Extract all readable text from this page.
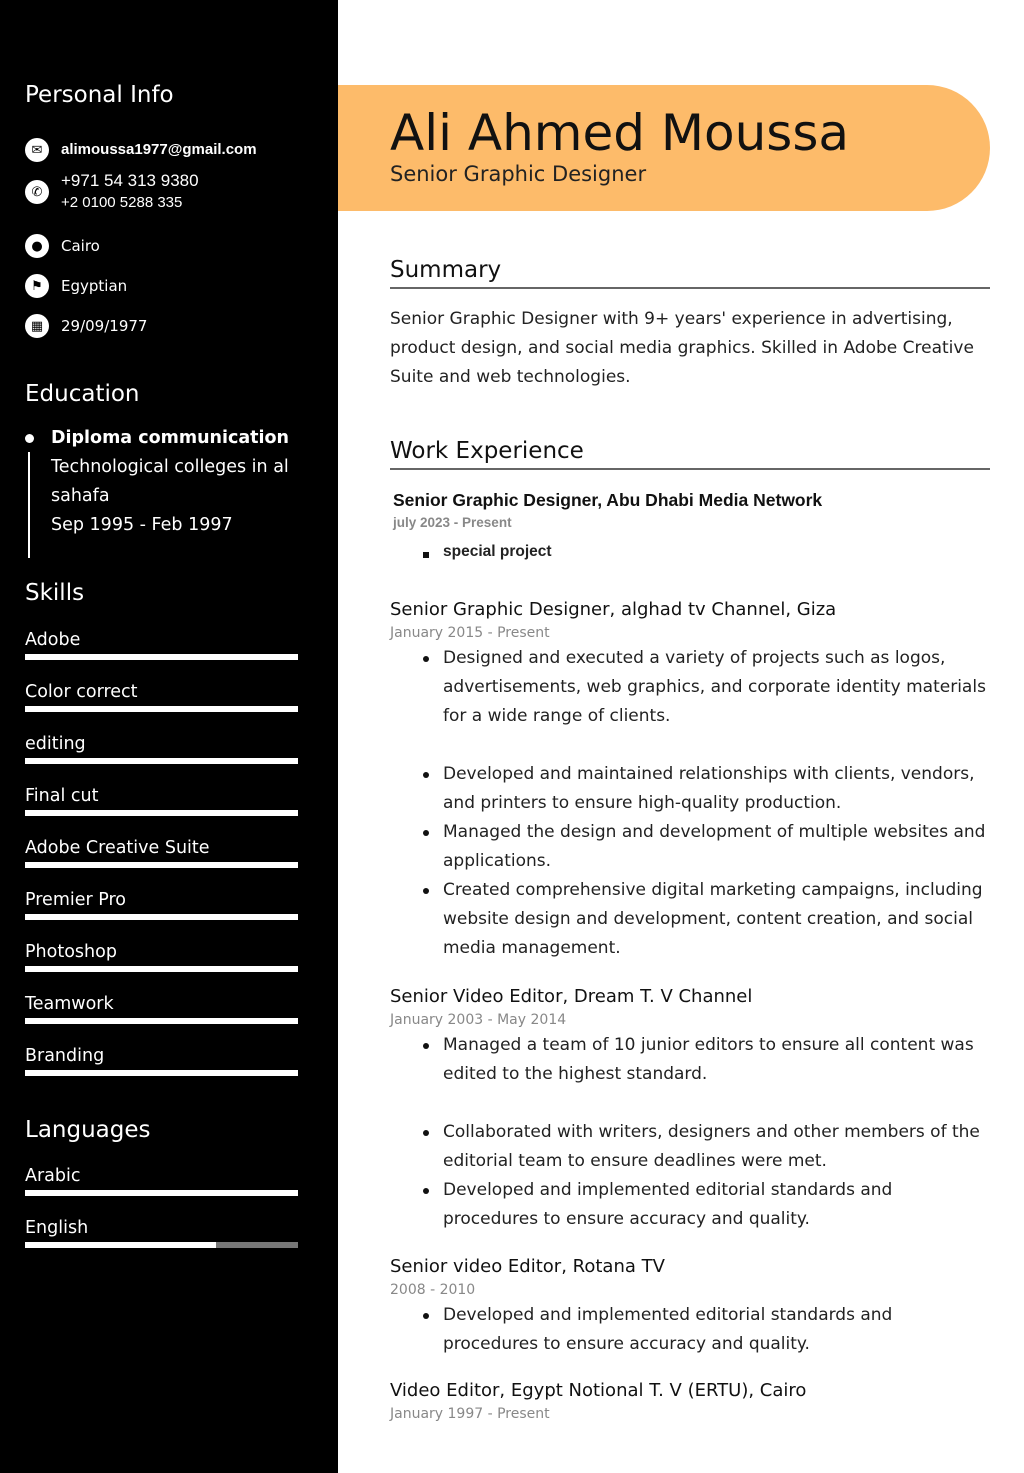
Personal Info
✉	alimoussa1977@gmail.com
✆
+971 54 313 9380
+2 0100 5288 335
●	Cairo
⚑	Egyptian
▦	29/09/1977
Education
Diploma communication
Technological colleges in al sahafa
Sep 1995 - Feb 1997
Skills
Adobe
Color correct
editing
Final cut
Adobe Creative Suite
Premier Pro
Photoshop
Teamwork
Branding
Languages
Arabic
English
Ali Ahmed Moussa
Senior Graphic Designer
Summary

Senior Graphic Designer with 9+ years' experience in advertising, product design, and social media graphics. Skilled in Adobe Creative Suite and web technologies.

Work Experience
Senior Graphic Designer, Abu Dhabi Media Network
july 2023 - Present
special project
Senior Graphic Designer, alghad tv Channel, Giza
January 2015 - Present
Designed and executed a variety of projects such as logos, advertisements, web graphics, and corporate identity materials for a wide range of clients.
Developed and maintained relationships with clients, vendors, and printers to ensure high-quality production.
Managed the design and development of multiple websites and applications.
Created comprehensive digital marketing campaigns, including website design and development, content creation, and social media management.
Senior Video Editor, Dream T. V Channel
January 2003 - May 2014
Managed a team of 10 junior editors to ensure all content was edited to the highest standard.
Collaborated with writers, designers and other members of the editorial team to ensure deadlines were met.
Developed and implemented editorial standards and procedures to ensure accuracy and quality.
Senior video Editor, Rotana TV
2008 - 2010
Developed and implemented editorial standards and procedures to ensure accuracy and quality.
Video Editor, Egypt Notional T. V (ERTU), Cairo
January 1997 - Present
